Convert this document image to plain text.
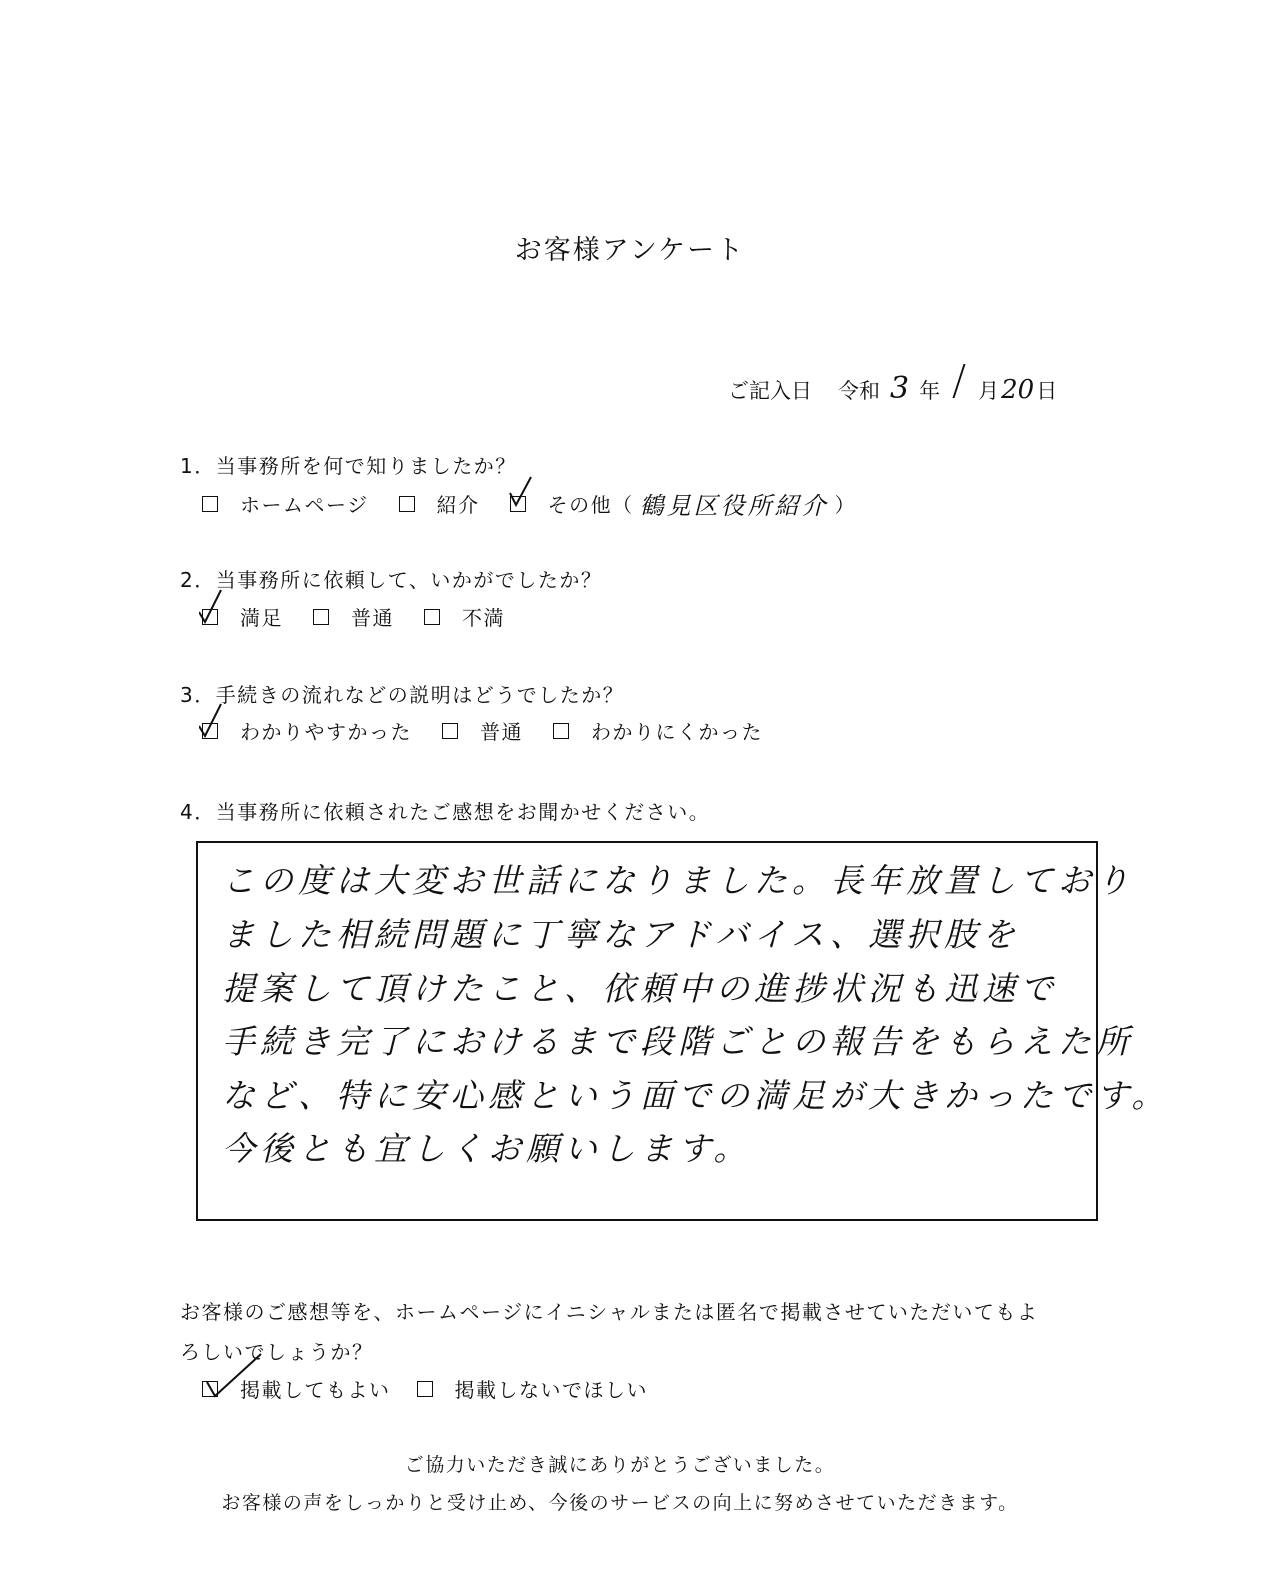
お客様アンケート
ご記入日 令和 3 年 月 20 日
1．当事務所を何で知りましたか？
ホームページ	紹介	その他（ 鶴見区役所紹介 ）
2．当事務所に依頼して、いかがでしたか？
満足	普通	不満
3．手続きの流れなどの説明はどうでしたか？
わかりやすかった	普通	わかりにくかった
4．当事務所に依頼されたご感想をお聞かせください。
この度は大変お世話になりました。長年放置しており
ました相続問題に丁寧なアドバイス、選択肢を
提案して頂けたこと、依頼中の進捗状況も迅速で
手続き完了におけるまで段階ごとの報告をもらえた所
など、特に安心感という面での満足が大きかったです。
今後とも宜しくお願いします。
お客様のご感想等を、ホームページにイニシャルまたは匿名で掲載させていただいてもよ
ろしいでしょうか？
掲載してもよい	掲載しないでほしい
ご協力いただき誠にありがとうございました。
お客様の声をしっかりと受け止め、今後のサービスの向上に努めさせていただきます。
